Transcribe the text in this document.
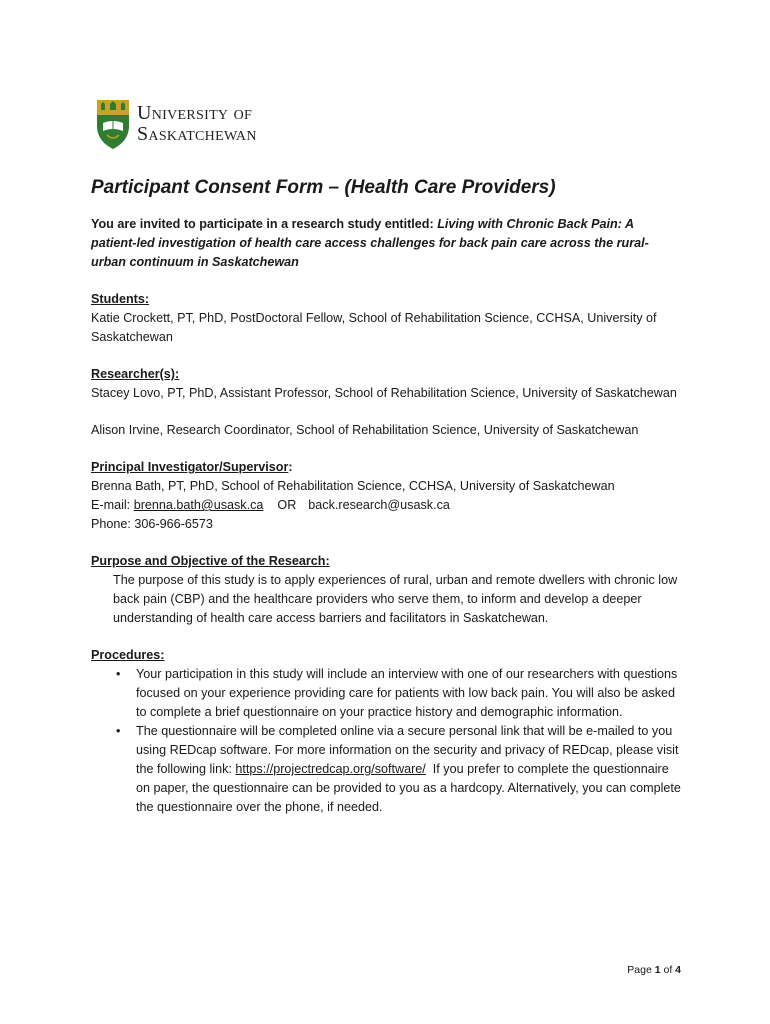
University of
Saskatchewan
Participant Consent Form – (Health Care Providers)
You are invited to participate in a research study entitled: Living with Chronic Back Pain: A patient-led investigation of health care access challenges for back pain care across the rural-urban continuum in Saskatchewan
Students:
Katie Crockett, PT, PhD, PostDoctoral Fellow, School of Rehabilitation Science, CCHSA, University of Saskatchewan
Researcher(s):
Stacey Lovo, PT, PhD, Assistant Professor, School of Rehabilitation Science, University of Saskatchewan
Alison Irvine, Research Coordinator, School of Rehabilitation Science, University of Saskatchewan
Principal Investigator/Supervisor:
Brenna Bath, PT, PhD, School of Rehabilitation Science, CCHSA, University of Saskatchewan
E-mail: brenna.bath@usask.ca OR back.research@usask.ca
Phone: 306-966-6573
Purpose and Objective of the Research:
The purpose of this study is to apply experiences of rural, urban and remote dwellers with chronic low back pain (CBP) and the healthcare providers who serve them, to inform and develop a deeper understanding of health care access barriers and facilitators in Saskatchewan.
Procedures:
• Your participation in this study will include an interview with one of our researchers with questions focused on your experience providing care for patients with low back pain. You will also be asked to complete a brief questionnaire on your practice history and demographic information.
• The questionnaire will be completed online via a secure personal link that will be e-mailed to you using REDcap software. For more information on the security and privacy of REDcap, please visit the following link: https://projectredcap.org/software/  If you prefer to complete the questionnaire on paper, the questionnaire can be provided to you as a hardcopy. Alternatively, you can complete the questionnaire over the phone, if needed.
Page 1 of 4
